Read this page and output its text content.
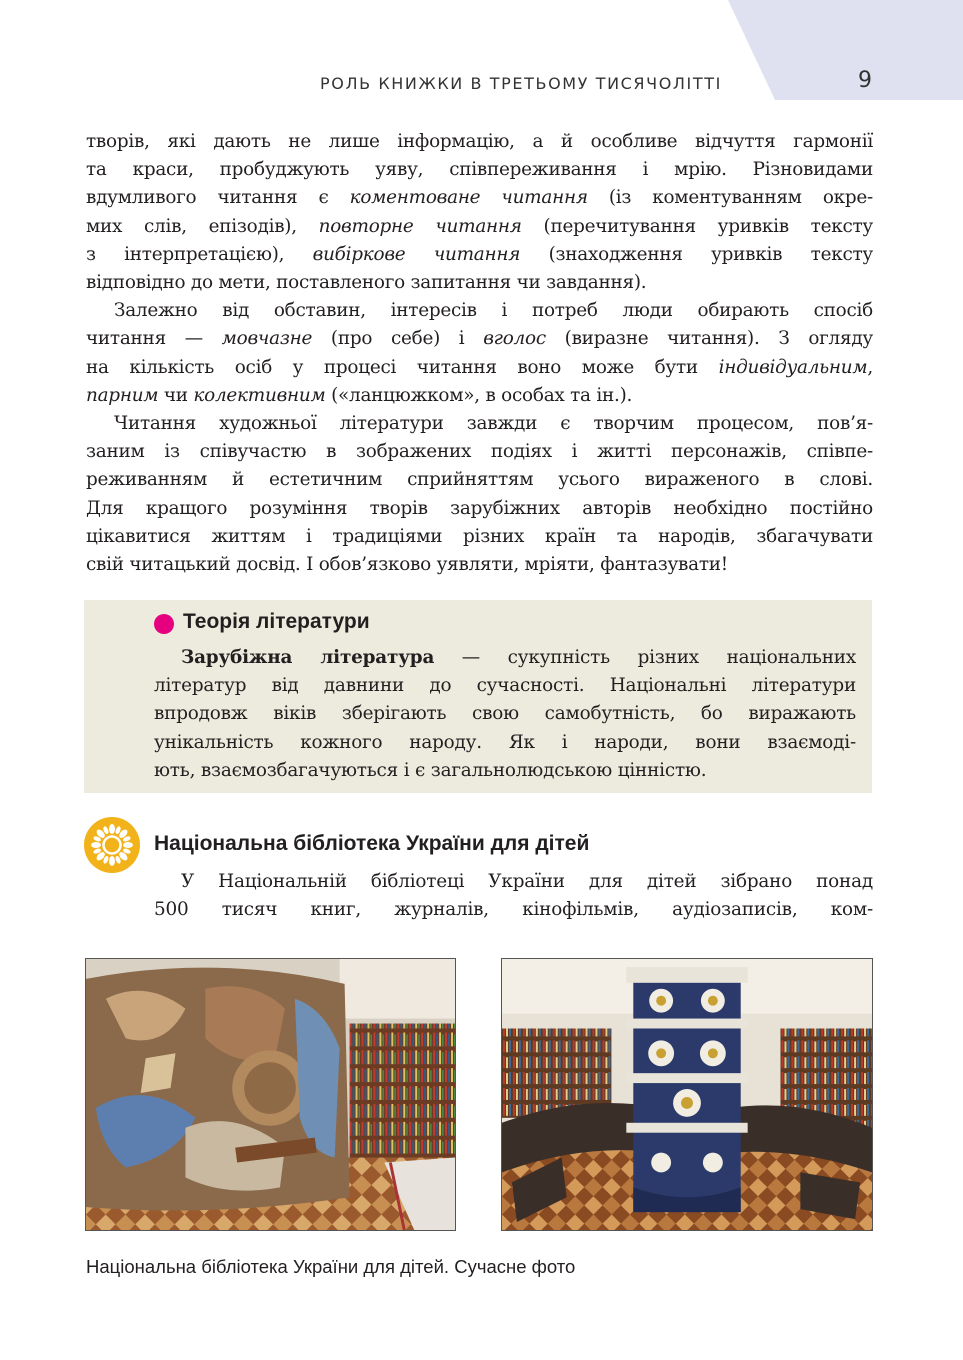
РОЛЬ КНИЖКИ В ТРЕТЬОМУ ТИСЯЧОЛІТТІ	9

творів, які дають не лише інформацію, а й особливе відчуття гармонії
та краси, пробуджують уяву, співпереживання і мрію. Різновидами
вдумливого читання є коментоване читання (із коментуванням окре-
мих слів, епізодів), повторне читання (перечитування уривків тексту
з інтерпретацією), вибіркове читання (знаходження уривків тексту
відповідно до мети, поставленого запитання чи завдання).

Залежно від обставин, інтересів і потреб люди обирають спосіб
читання — мовчазне (про себе) і вголос (виразне читання). З огляду
на кількість осіб у процесі читання воно може бути індивідуальним,
парним чи колективним («ланцюжком», в особах та ін.).

Читання художньої літератури завжди є творчим процесом, пов’я-
заним із співучастю в зображених подіях і житті персонажів, співпе-
реживанням й естетичним сприйняттям усього вираженого в слові.
Для кращого розуміння творів зарубіжних авторів необхідно постійно
цікавитися життям і традиціями різних країн та народів, збагачувати
свій читацький досвід. І обов’язково уявляти, мріяти, фантазувати!

Теорія літератури
Зарубіжна література — сукупність різних національних
літератур від давнини до сучасності. Національні літератури
впродовж віків зберігають свою самобутність, бо виражають
унікальність кожного народу. Як і народи, вони взаємоді-
ють, взаємозбагачуються і є загальнолюдською цінністю.
Національна бібліотека України для дітей
У Національній бібліотеці України для дітей зібрано понад
500 тисяч книг, журналів, кінофільмів, аудіозаписів, ком-
Національна бібліотека України для дітей. Сучасне фото
